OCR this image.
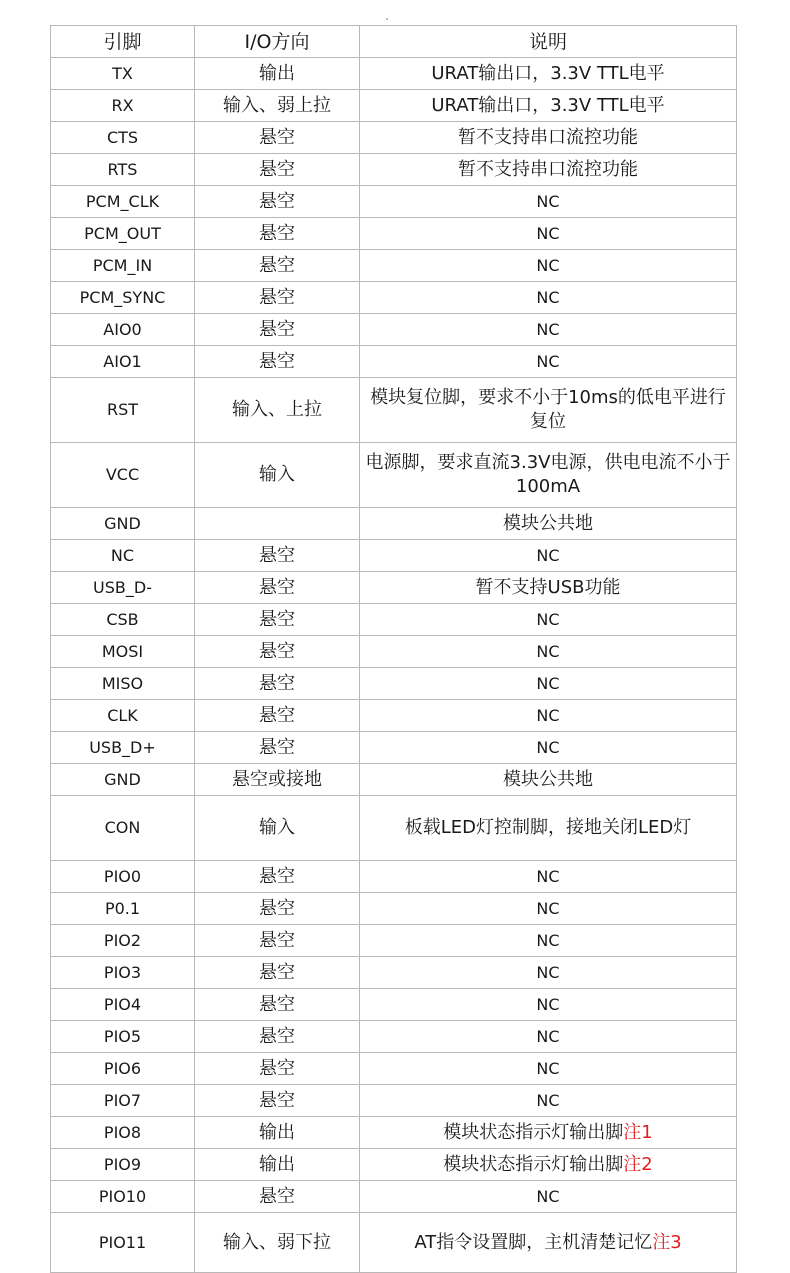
引脚	I/O方向	说明
TX	输出	URAT输出口，3.3V TTL电平
RX	输入、弱上拉	URAT输出口，3.3V TTL电平
CTS	悬空	暂不支持串口流控功能
RTS	悬空	暂不支持串口流控功能
PCM_CLK	悬空	NC
PCM_OUT	悬空	NC
PCM_IN	悬空	NC
PCM_SYNC	悬空	NC
AIO0	悬空	NC
AIO1	悬空	NC
RST	输入、上拉	模块复位脚，要求不小于10ms的低电平进行复位
VCC	输入	电源脚，要求直流3.3V电源，供电电流不小于100mA
GND		模块公共地
NC	悬空	NC
USB_D-	悬空	暂不支持USB功能
CSB	悬空	NC
MOSI	悬空	NC
MISO	悬空	NC
CLK	悬空	NC
USB_D+	悬空	NC
GND	悬空或接地	模块公共地
CON	输入	板载LED灯控制脚，接地关闭LED灯
PIO0	悬空	NC
P0.1	悬空	NC
PIO2	悬空	NC
PIO3	悬空	NC
PIO4	悬空	NC
PIO5	悬空	NC
PIO6	悬空	NC
PIO7	悬空	NC
PIO8	输出	模块状态指示灯输出脚注1
PIO9	输出	模块状态指示灯输出脚注2
PIO10	悬空	NC
PIO11	输入、弱下拉	AT指令设置脚，主机清楚记忆注3
